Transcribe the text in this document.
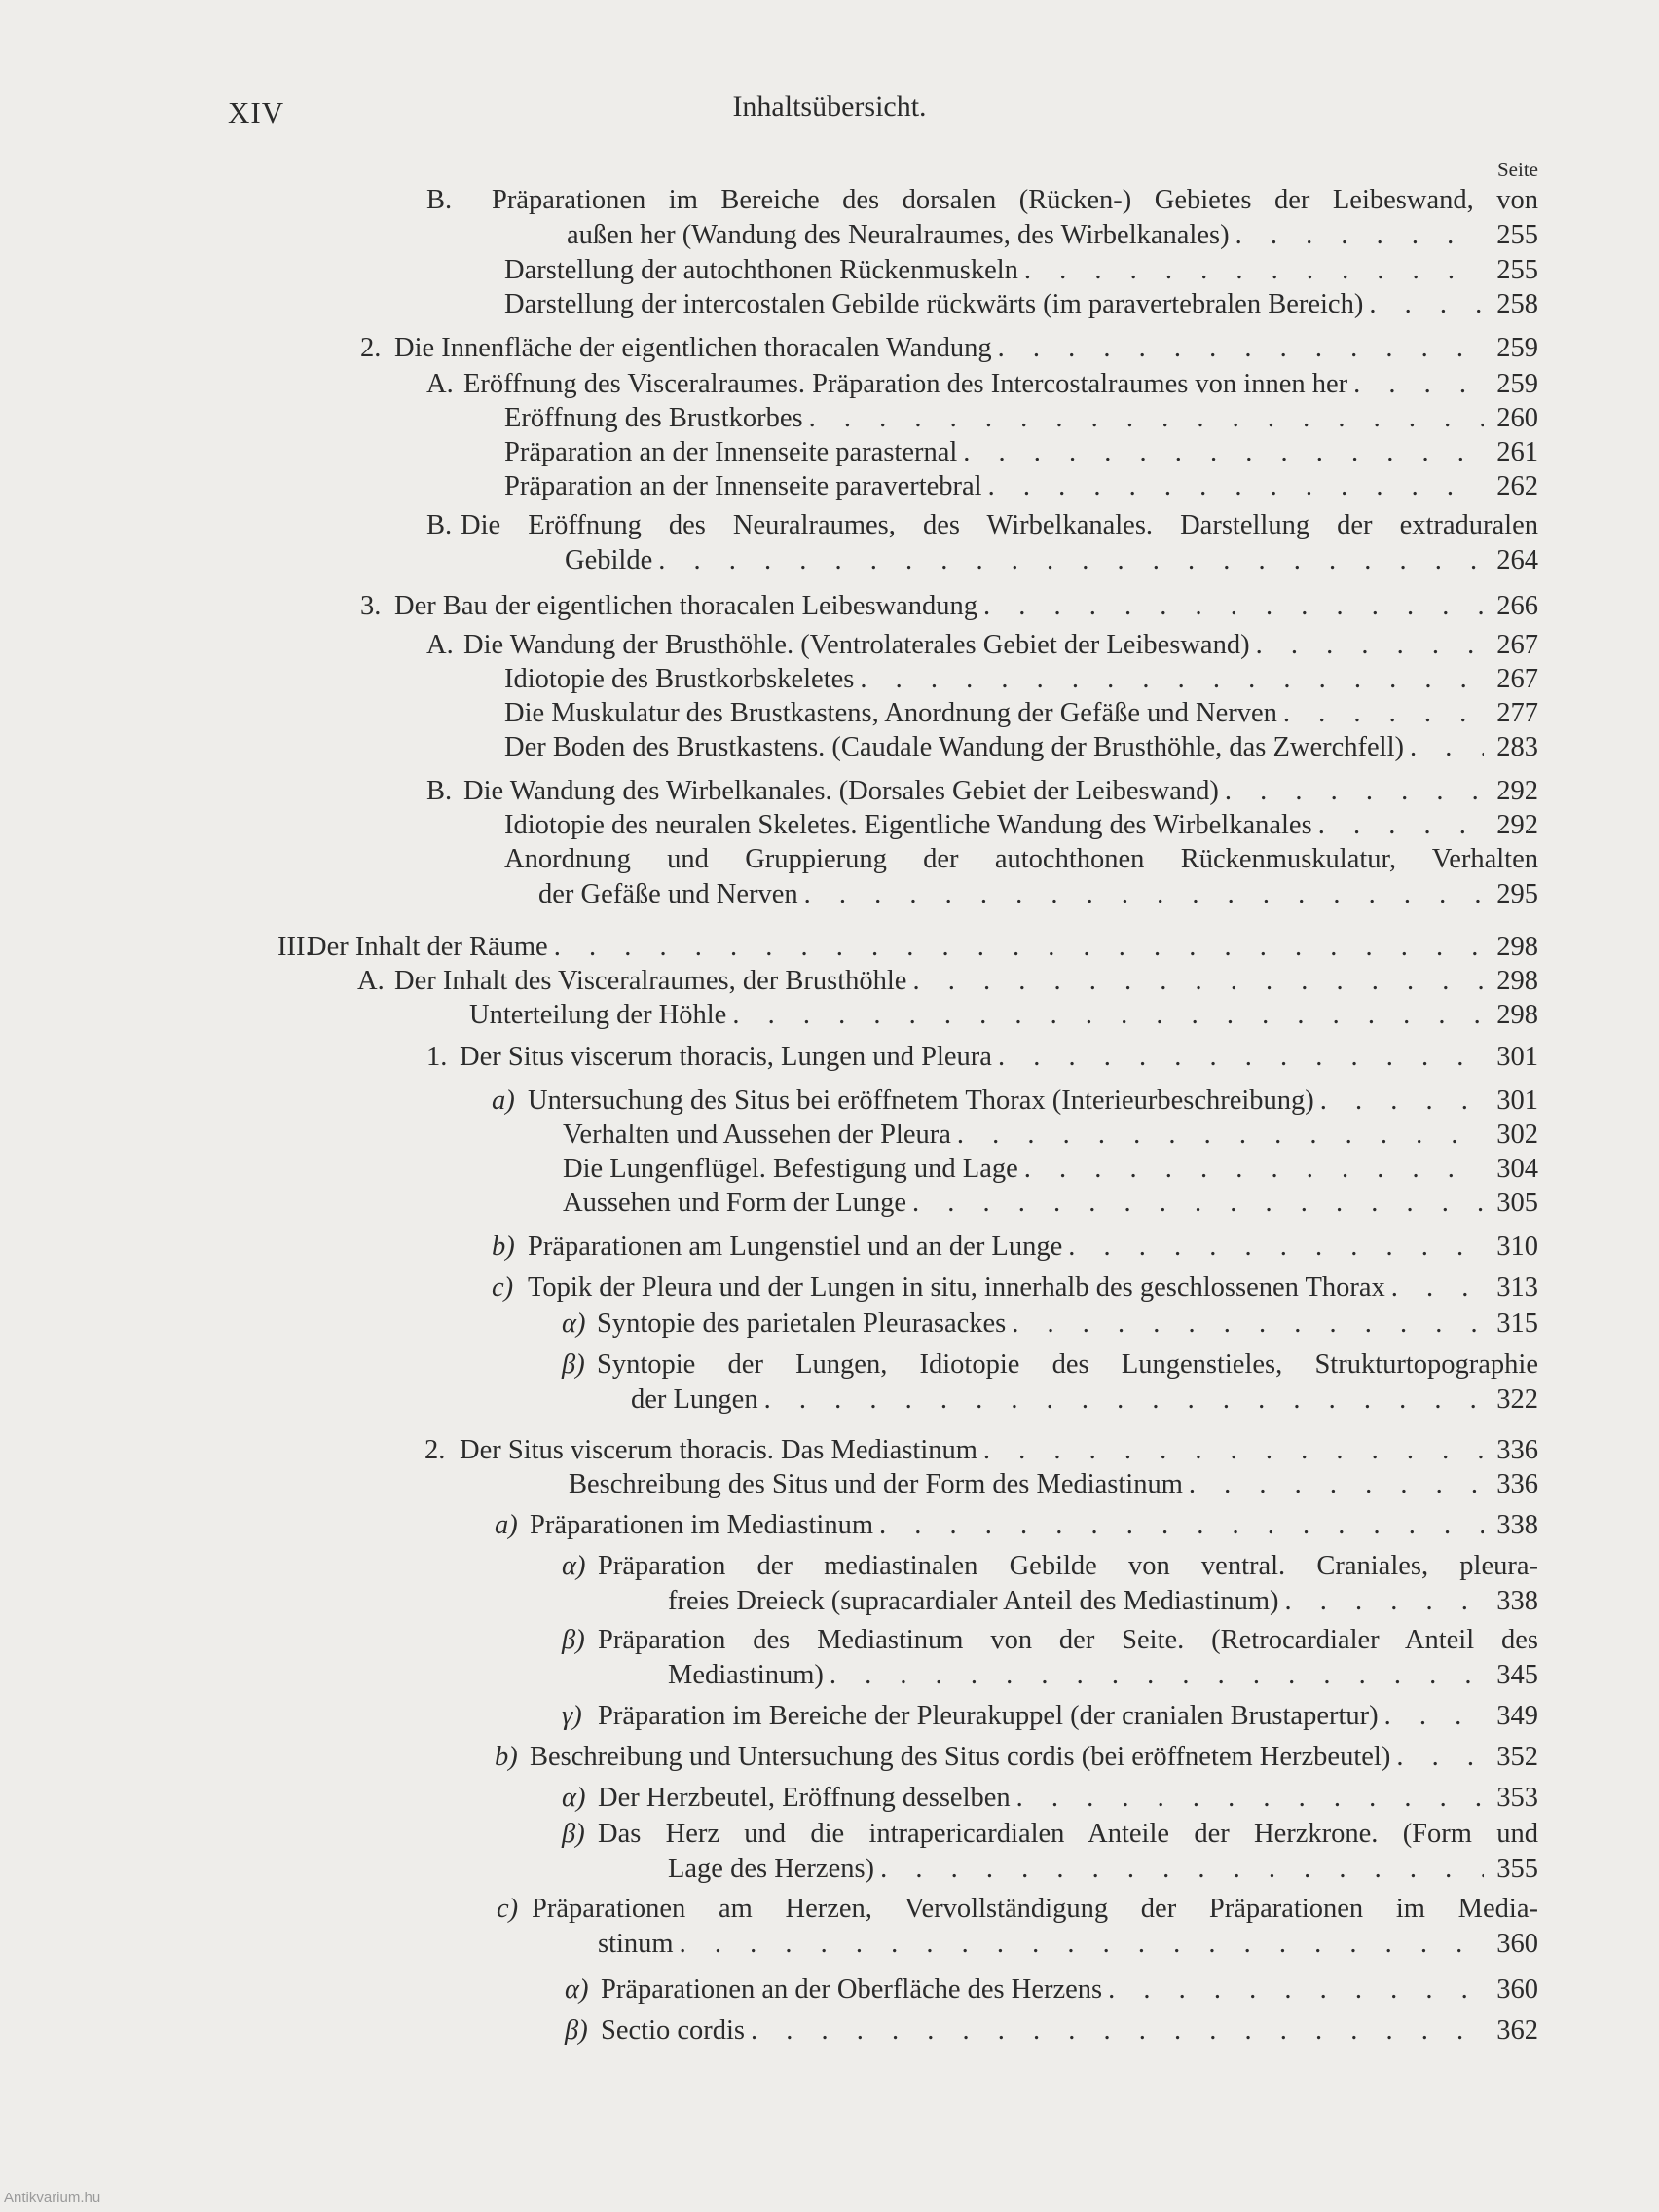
XIV	Inhaltsübersicht.
Seite
B. Präparationen im Bereiche des dorsalen (Rücken-) Gebietes der Leibeswand, von
außen her (Wandung des Neuralraumes, des Wirbelkanales) . . .	255
Darstellung der autochthonen Rückenmuskeln . . .	255
Darstellung der intercostalen Gebilde rückwärts (im paravertebralen Bereich) . . .	258
2. Die Innenfläche der eigentlichen thoracalen Wandung . . .	259
A. Eröffnung des Visceralraumes. Präparation des Intercostalraumes von innen her . . .	259
Eröffnung des Brustkorbes . . .	260
Präparation an der Innenseite parasternal . . .	261
Präparation an der Innenseite paravertebral . . .	262
B. Die Eröffnung des Neuralraumes, des Wirbelkanales. Darstellung der extraduralen
Gebilde . . .	264
3. Der Bau der eigentlichen thoracalen Leibeswandung . . .	266
A. Die Wandung der Brusthöhle. (Ventrolaterales Gebiet der Leibeswand) . . .	267
Idiotopie des Brustkorbskeletes . . .	267
Die Muskulatur des Brustkastens, Anordnung der Gefäße und Nerven . . .	277
Der Boden des Brustkastens. (Caudale Wandung der Brusthöhle, das Zwerchfell) . . .	283
B. Die Wandung des Wirbelkanales. (Dorsales Gebiet der Leibeswand) . . .	292
Idiotopie des neuralen Skeletes. Eigentliche Wandung des Wirbelkanales . . .	292
Anordnung und Gruppierung der autochthonen Rückenmuskulatur, Verhalten
der Gefäße und Nerven . . .	295
III.
Der Inhalt der Räume . . .	298
A. Der Inhalt des Visceralraumes, der Brusthöhle . . .	298
Unterteilung der Höhle . . .	298
1. Der Situs viscerum thoracis, Lungen und Pleura . . .	301
a) Untersuchung des Situs bei eröffnetem Thorax (Interieurbeschreibung) . . .	301
Verhalten und Aussehen der Pleura . . .	302
Die Lungenflügel. Befestigung und Lage . . .	304
Aussehen und Form der Lunge . . .	305
b) Präparationen am Lungenstiel und an der Lunge . . .	310
c) Topik der Pleura und der Lungen in situ, innerhalb des geschlossenen Thorax . . .	313
α) Syntopie des parietalen Pleurasackes . . .	315
β) Syntopie der Lungen, Idiotopie des Lungenstieles, Strukturtopographie
der Lungen . . .	322
2. Der Situs viscerum thoracis. Das Mediastinum . . .	336
Beschreibung des Situs und der Form des Mediastinum . . .	336
a) Präparationen im Mediastinum . . .	338
α) Präparation der mediastinalen Gebilde von ventral. Craniales, pleura-
freies Dreieck (supracardialer Anteil des Mediastinum) . . .	338
β) Präparation des Mediastinum von der Seite. (Retrocardialer Anteil des
Mediastinum) . . .	345
γ) Präparation im Bereiche der Pleurakuppel (der cranialen Brustapertur) . . .	349
b) Beschreibung und Untersuchung des Situs cordis (bei eröffnetem Herzbeutel) . . .	352
α) Der Herzbeutel, Eröffnung desselben . . .	353
β) Das Herz und die intrapericardialen Anteile der Herzkrone. (Form und
Lage des Herzens) . . .	355
c) Präparationen am Herzen, Vervollständigung der Präparationen im Media-
stinum . . .	360
α) Präparationen an der Oberfläche des Herzens . . .	360
β) Sectio cordis . . .	362
Antikvarium.hu
